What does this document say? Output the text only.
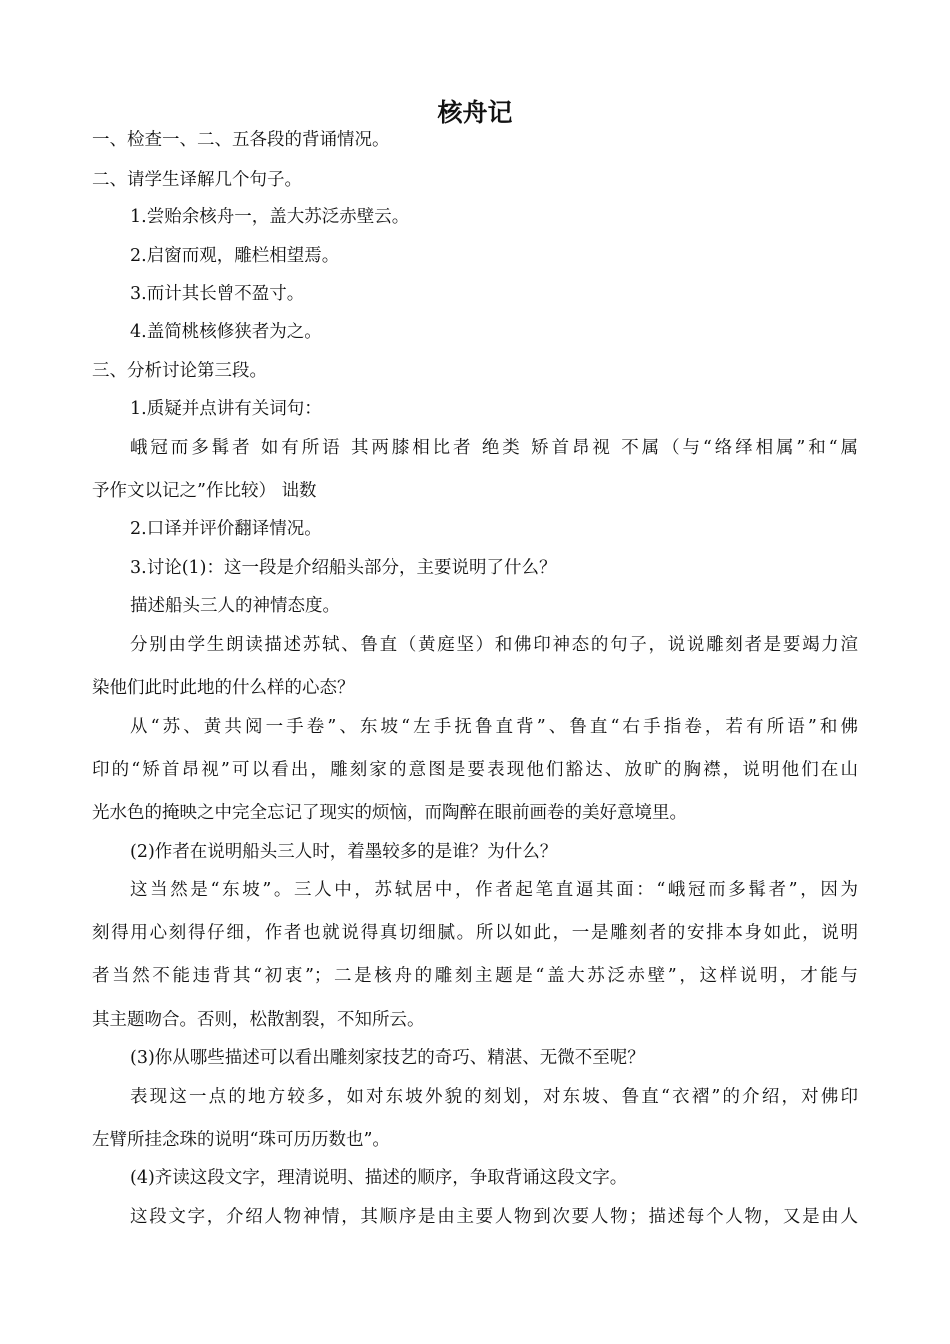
核舟记
一、检查一、二、五各段的背诵情况。
二、请学生译解几个句子。
1.尝贻余核舟一，盖大苏泛赤壁云。
2.启窗而观，雕栏相望焉。
3.而计其长曾不盈寸。
4.盖简桃核修狭者为之。
三、分析讨论第三段。
1.质疑并点讲有关词句：
峨冠而多髯者 如有所语 其两膝相比者 绝类 矫首昂视 不属（与“络绎相属”和“属
予作文以记之”作比较） 诎数
2.口译并评价翻译情况。
3.讨论(1)：这一段是介绍船头部分，主要说明了什么？
描述船头三人的神情态度。
分别由学生朗读描述苏轼、鲁直（黄庭坚）和佛印神态的句子，说说雕刻者是要竭力渲
染他们此时此地的什么样的心态？
从“苏、黄共阅一手卷”、东坡“左手抚鲁直背”、鲁直“右手指卷，若有所语”和佛
印的“矫首昂视”可以看出，雕刻家的意图是要表现他们豁达、放旷的胸襟，说明他们在山
光水色的掩映之中完全忘记了现实的烦恼，而陶醉在眼前画卷的美好意境里。
(2)作者在说明船头三人时，着墨较多的是谁？为什么？
这当然是“东坡”。三人中，苏轼居中，作者起笔直逼其面：“峨冠而多髯者”，因为
刻得用心刻得仔细，作者也就说得真切细腻。所以如此，一是雕刻者的安排本身如此，说明
者当然不能违背其“初衷”；二是核舟的雕刻主题是“盖大苏泛赤壁”，这样说明，才能与
其主题吻合。否则，松散割裂，不知所云。
(3)你从哪些描述可以看出雕刻家技艺的奇巧、精湛、无微不至呢？
表现这一点的地方较多，如对东坡外貌的刻划，对东坡、鲁直“衣褶”的介绍，对佛印
左臂所挂念珠的说明“珠可历历数也”。
(4)齐读这段文字，理清说明、描述的顺序，争取背诵这段文字。
这段文字，介绍人物神情，其顺序是由主要人物到次要人物；描述每个人物，又是由人
